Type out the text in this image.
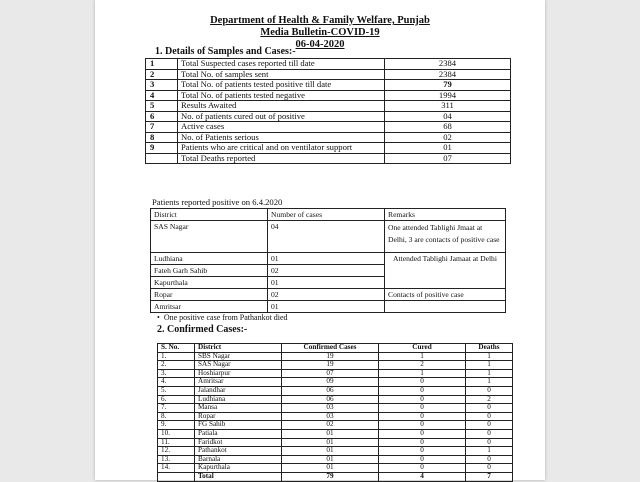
Department of Health & Family Welfare, Punjab
Media Bulletin-COVID-19
06-04-2020
1. Details of Samples and Cases:-
1	Total Suspected cases reported till date	2384
2	Total No. of samples sent	2384
3	Total No. of patients tested positive till date	79
4	Total No. of patients tested negative	1994
5	Results Awaited	311
6	No. of patients cured out of positive	04
7	Active cases	68
8	No. of Patients serious	02
9	Patients who are critical and on ventilator support	01
	Total Deaths reported	07
Patients reported positive on 6.4.2020
District	Number of cases	Remarks
SAS Nagar	04	One attended Tablighi Jmaat at Delhi, 3 are contacts of positive case
Ludhiana	01	Attended Tablighi Jamaat at Delhi
Fateh Garh Sahib	02	
Kapurthala	01	
Ropar	02	Contacts of positive case
Amritsar	01	
•  One positive case from Pathankot died
2. Confirmed Cases:-
S. No.	District	Confirmed Cases	Cured	Deaths
1.	SBS Nagar	19	1	1
2.	SAS Nagar	19	2	1
3.	Hoshiarpur	07	1	1
4.	Amritsar	09	0	1
5.	Jalandhar	06	0	0
6.	Ludhiana	06	0	2
7.	Mansa	03	0	0
8.	Ropar	03	0	0
9.	FG Sahib	02	0	0
10.	Patiala	01	0	0
11.	Faridkot	01	0	0
12.	Pathankot	01	0	1
13.	Barnala	01	0	0
14.	Kapurthala	01	0	0
	Total	79	4	7
